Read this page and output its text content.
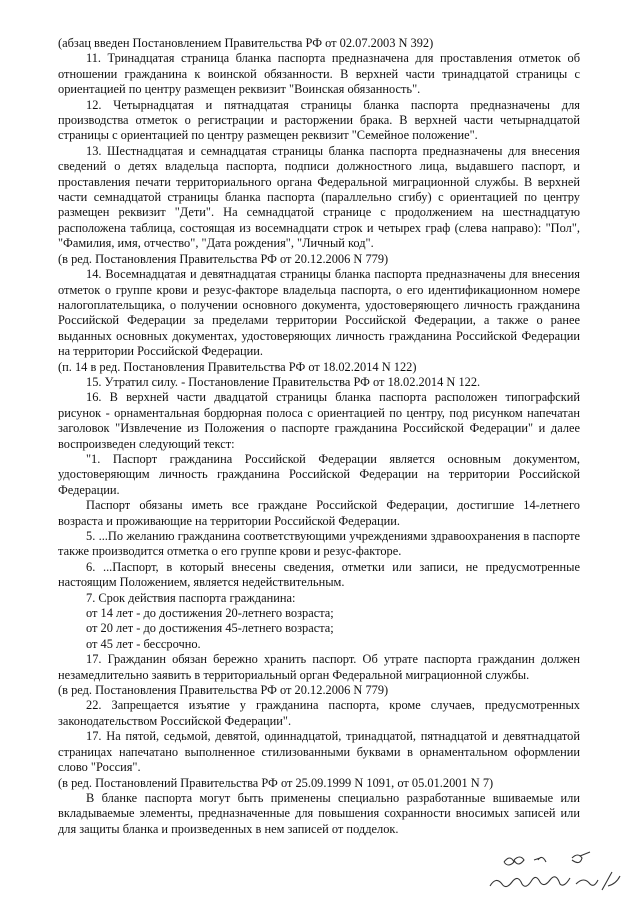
(абзац введен Постановлением Правительства РФ от 02.07.2003 N 392)

11. Тринадцатая страница бланка паспорта предназначена для проставления отметок об отношении гражданина к воинской обязанности. В верхней части тринадцатой страницы с ориентацией по центру размещен реквизит "Воинская обязанность".

12. Четырнадцатая и пятнадцатая страницы бланка паспорта предназначены для производства отметок о регистрации и расторжении брака. В верхней части четырнадцатой страницы с ориентацией по центру размещен реквизит "Семейное положение".

13. Шестнадцатая и семнадцатая страницы бланка паспорта предназначены для внесения сведений о детях владельца паспорта, подписи должностного лица, выдавшего паспорт, и проставления печати территориального органа Федеральной миграционной службы. В верхней части семнадцатой страницы бланка паспорта (параллельно сгибу) с ориентацией по центру размещен реквизит "Дети". На семнадцатой странице с продолжением на шестнадцатую расположена таблица, состоящая из восемнадцати строк и четырех граф (слева направо): "Пол", "Фамилия, имя, отчество", "Дата рождения", "Личный код".

(в ред. Постановления Правительства РФ от 20.12.2006 N 779)

14. Восемнадцатая и девятнадцатая страницы бланка паспорта предназначены для внесения отметок о группе крови и резус-факторе владельца паспорта, о его идентификационном номере налогоплательщика, о получении основного документа, удостоверяющего личность гражданина Российской Федерации за пределами территории Российской Федерации, а также о ранее выданных основных документах, удостоверяющих личность гражданина Российской Федерации на территории Российской Федерации.

(п. 14 в ред. Постановления Правительства РФ от 18.02.2014 N 122)

15. Утратил силу. - Постановление Правительства РФ от 18.02.2014 N 122.

16. В верхней части двадцатой страницы бланка паспорта расположен типографский рисунок - орнаментальная бордюрная полоса с ориентацией по центру, под рисунком напечатан заголовок "Извлечение из Положения о паспорте гражданина Российской Федерации" и далее воспроизведен следующий текст:

"1. Паспорт гражданина Российской Федерации является основным документом, удостоверяющим личность гражданина Российской Федерации на территории Российской Федерации.

Паспорт обязаны иметь все граждане Российской Федерации, достигшие 14-летнего возраста и проживающие на территории Российской Федерации.

5. ...По желанию гражданина соответствующими учреждениями здравоохранения в паспорте также производится отметка о его группе крови и резус-факторе.

6. ...Паспорт, в который внесены сведения, отметки или записи, не предусмотренные настоящим Положением, является недействительным.

7. Срок действия паспорта гражданина:

от 14 лет - до достижения 20-летнего возраста;

от 20 лет - до достижения 45-летнего возраста;

от 45 лет - бессрочно.

17. Гражданин обязан бережно хранить паспорт. Об утрате паспорта гражданин должен незамедлительно заявить в территориальный орган Федеральной миграционной службы.

(в ред. Постановления Правительства РФ от 20.12.2006 N 779)

22. Запрещается изъятие у гражданина паспорта, кроме случаев, предусмотренных законодательством Российской Федерации".

17. На пятой, седьмой, девятой, одиннадцатой, тринадцатой, пятнадцатой и девятнадцатой страницах напечатано выполненное стилизованными буквами в орнаментальном оформлении слово "Россия".

(в ред. Постановлений Правительства РФ от 25.09.1999 N 1091, от 05.01.2001 N 7)

В бланке паспорта могут быть применены специально разработанные вшиваемые или вкладываемые элементы, предназначенные для повышения сохранности вносимых записей или для защиты бланка и произведенных в нем записей от подделок.
